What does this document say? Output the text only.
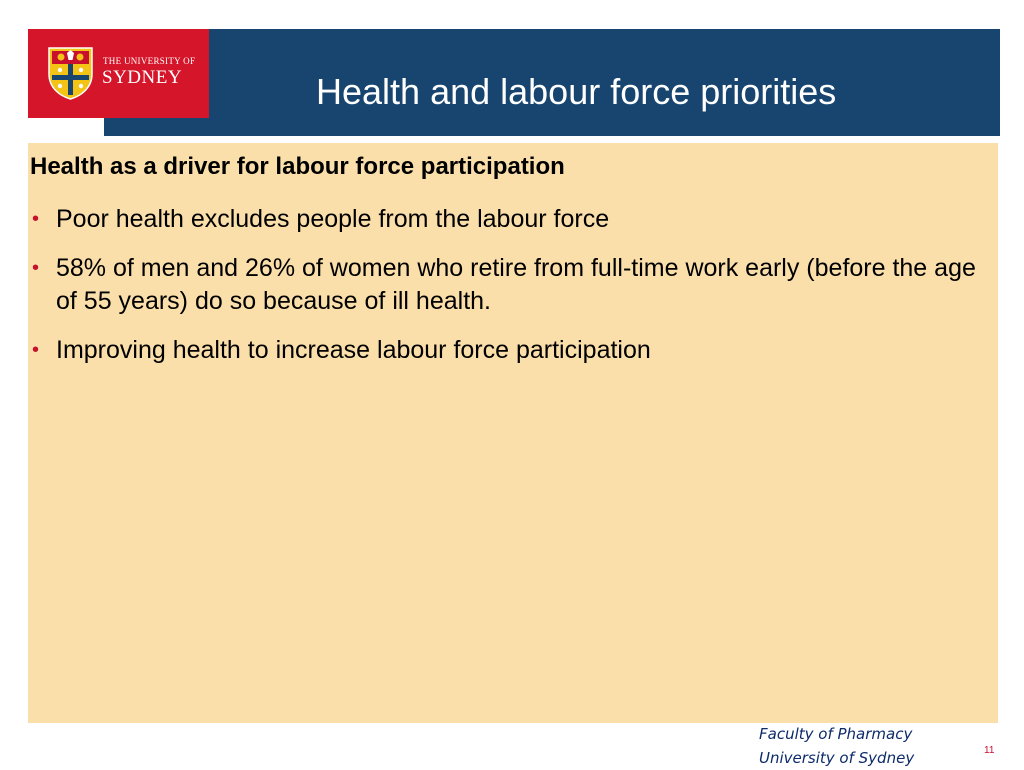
Health and labour force priorities
THE UNIVERSITY OF
SYDNEY
Health as a driver for labour force participation
• Poor health excludes people from the labour force
• 58% of men and 26% of women who retire from full-time work early (before the age of 55 years) do so because of ill health.
• Improving health to increase labour force participation
Faculty of Pharmacy
University of Sydney	11
